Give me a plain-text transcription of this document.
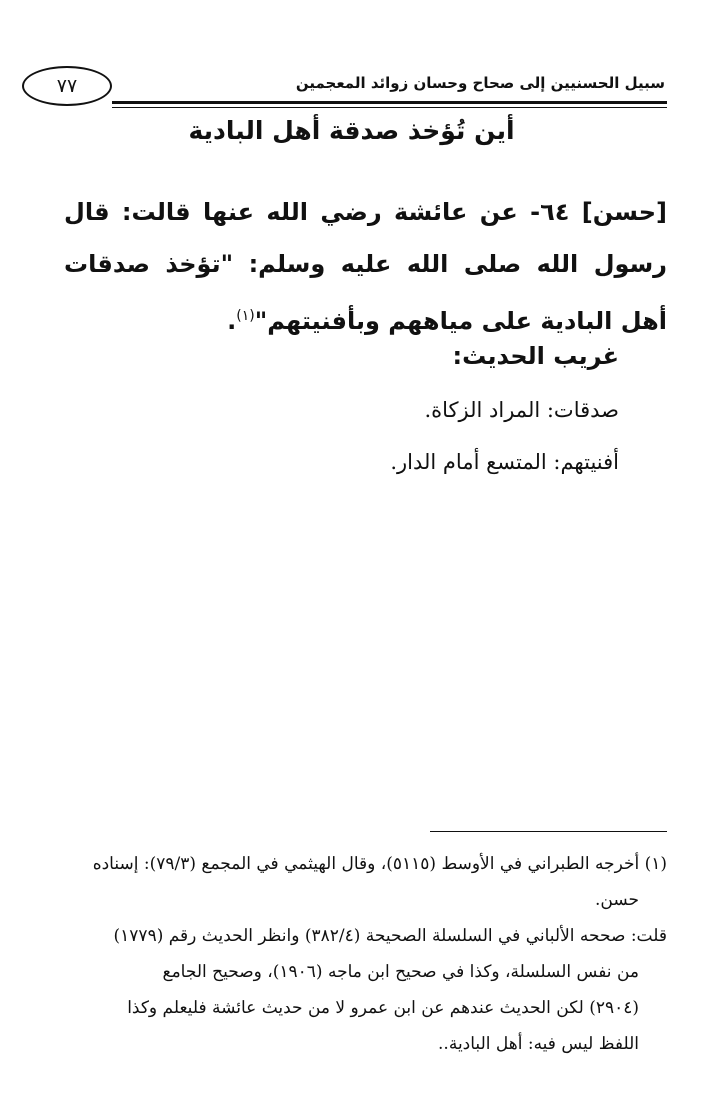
٧٧	سبيل الحسنيين إلى صحاح وحسان زوائد المعجمين
أين تُؤخذ صدقة أهل البادية
[حسن] ٦٤- عن عائشة رضي الله عنها قالت: قال رسول الله صلى الله عليه وسلم: "تؤخذ صدقات أهل البادية على مياههم وبأفنيتهم"$^{(١)}$.
غريب الحديث:
صدقات: المراد الزكاة.
أفنيتهم: المتسع أمام الدار.

(١) أخرجه الطبراني في الأوسط (٥١١٥)، وقال الهيثمي في المجمع (٧٩/٣): إسناده

حسن.

قلت: صححه الألباني في السلسلة الصحيحة (٣٨٢/٤) وانظر الحديث رقم (١٧٧٩)

من نفس السلسلة، وكذا في صحيح ابن ماجه (١٩٠٦)، وصحيح الجامع

(٢٩٠٤) لكن الحديث عندهم عن ابن عمرو لا من حديث عائشة فليعلم وكذا

اللفظ ليس فيه: أهل البادية..
